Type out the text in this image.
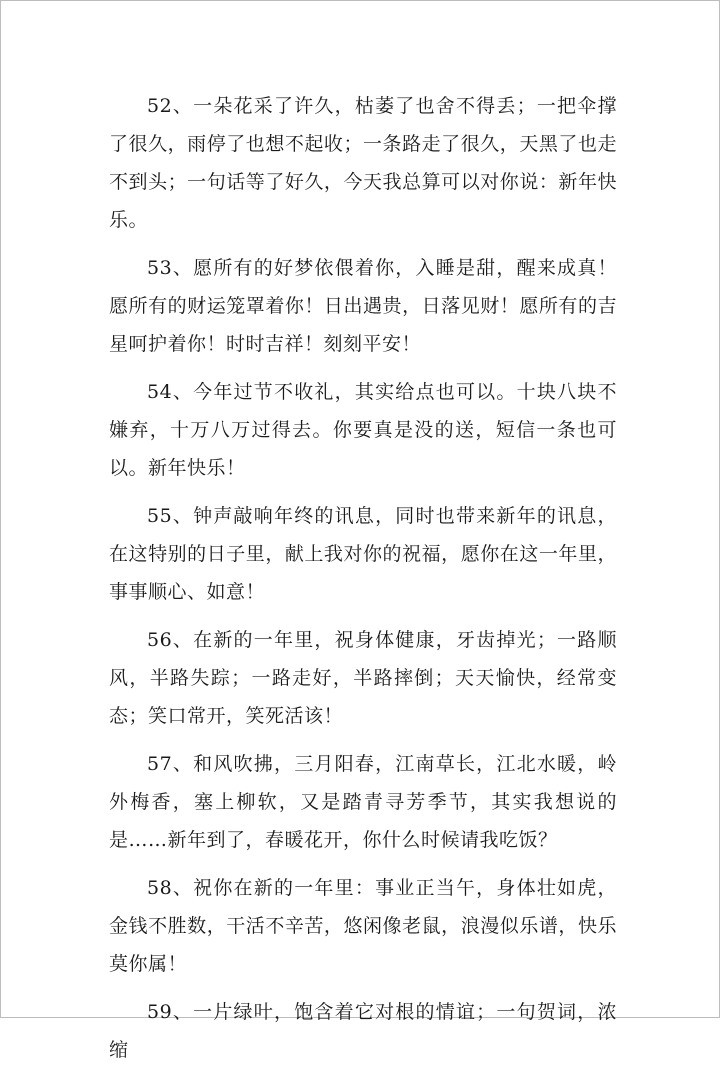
52、一朵花采了许久，枯萎了也舍不得丢；一把伞撑了很久，雨停了也想不起收；一条路走了很久，天黑了也走不到头；一句话等了好久，今天我总算可以对你说：新年快乐。

53、愿所有的好梦依偎着你，入睡是甜，醒来成真！愿所有的财运笼罩着你！日出遇贵，日落见财！愿所有的吉星呵护着你！时时吉祥！刻刻平安！

54、今年过节不收礼，其实给点也可以。十块八块不嫌弃，十万八万过得去。你要真是没的送，短信一条也可以。新年快乐！

55、钟声敲响年终的讯息，同时也带来新年的讯息，在这特别的日子里，献上我对你的祝福，愿你在这一年里，事事顺心、如意！

56、在新的一年里，祝身体健康，牙齿掉光；一路顺风，半路失踪；一路走好，半路摔倒；天天愉快，经常变态；笑口常开，笑死活该！

57、和风吹拂，三月阳春，江南草长，江北水暖，岭外梅香，塞上柳软，又是踏青寻芳季节，其实我想说的是……新年到了，春暖花开，你什么时候请我吃饭？

58、祝你在新的一年里：事业正当午，身体壮如虎，金钱不胜数，干活不辛苦，悠闲像老鼠，浪漫似乐谱，快乐莫你属！

59、一片绿叶，饱含着它对根的情谊；一句贺词，浓缩
